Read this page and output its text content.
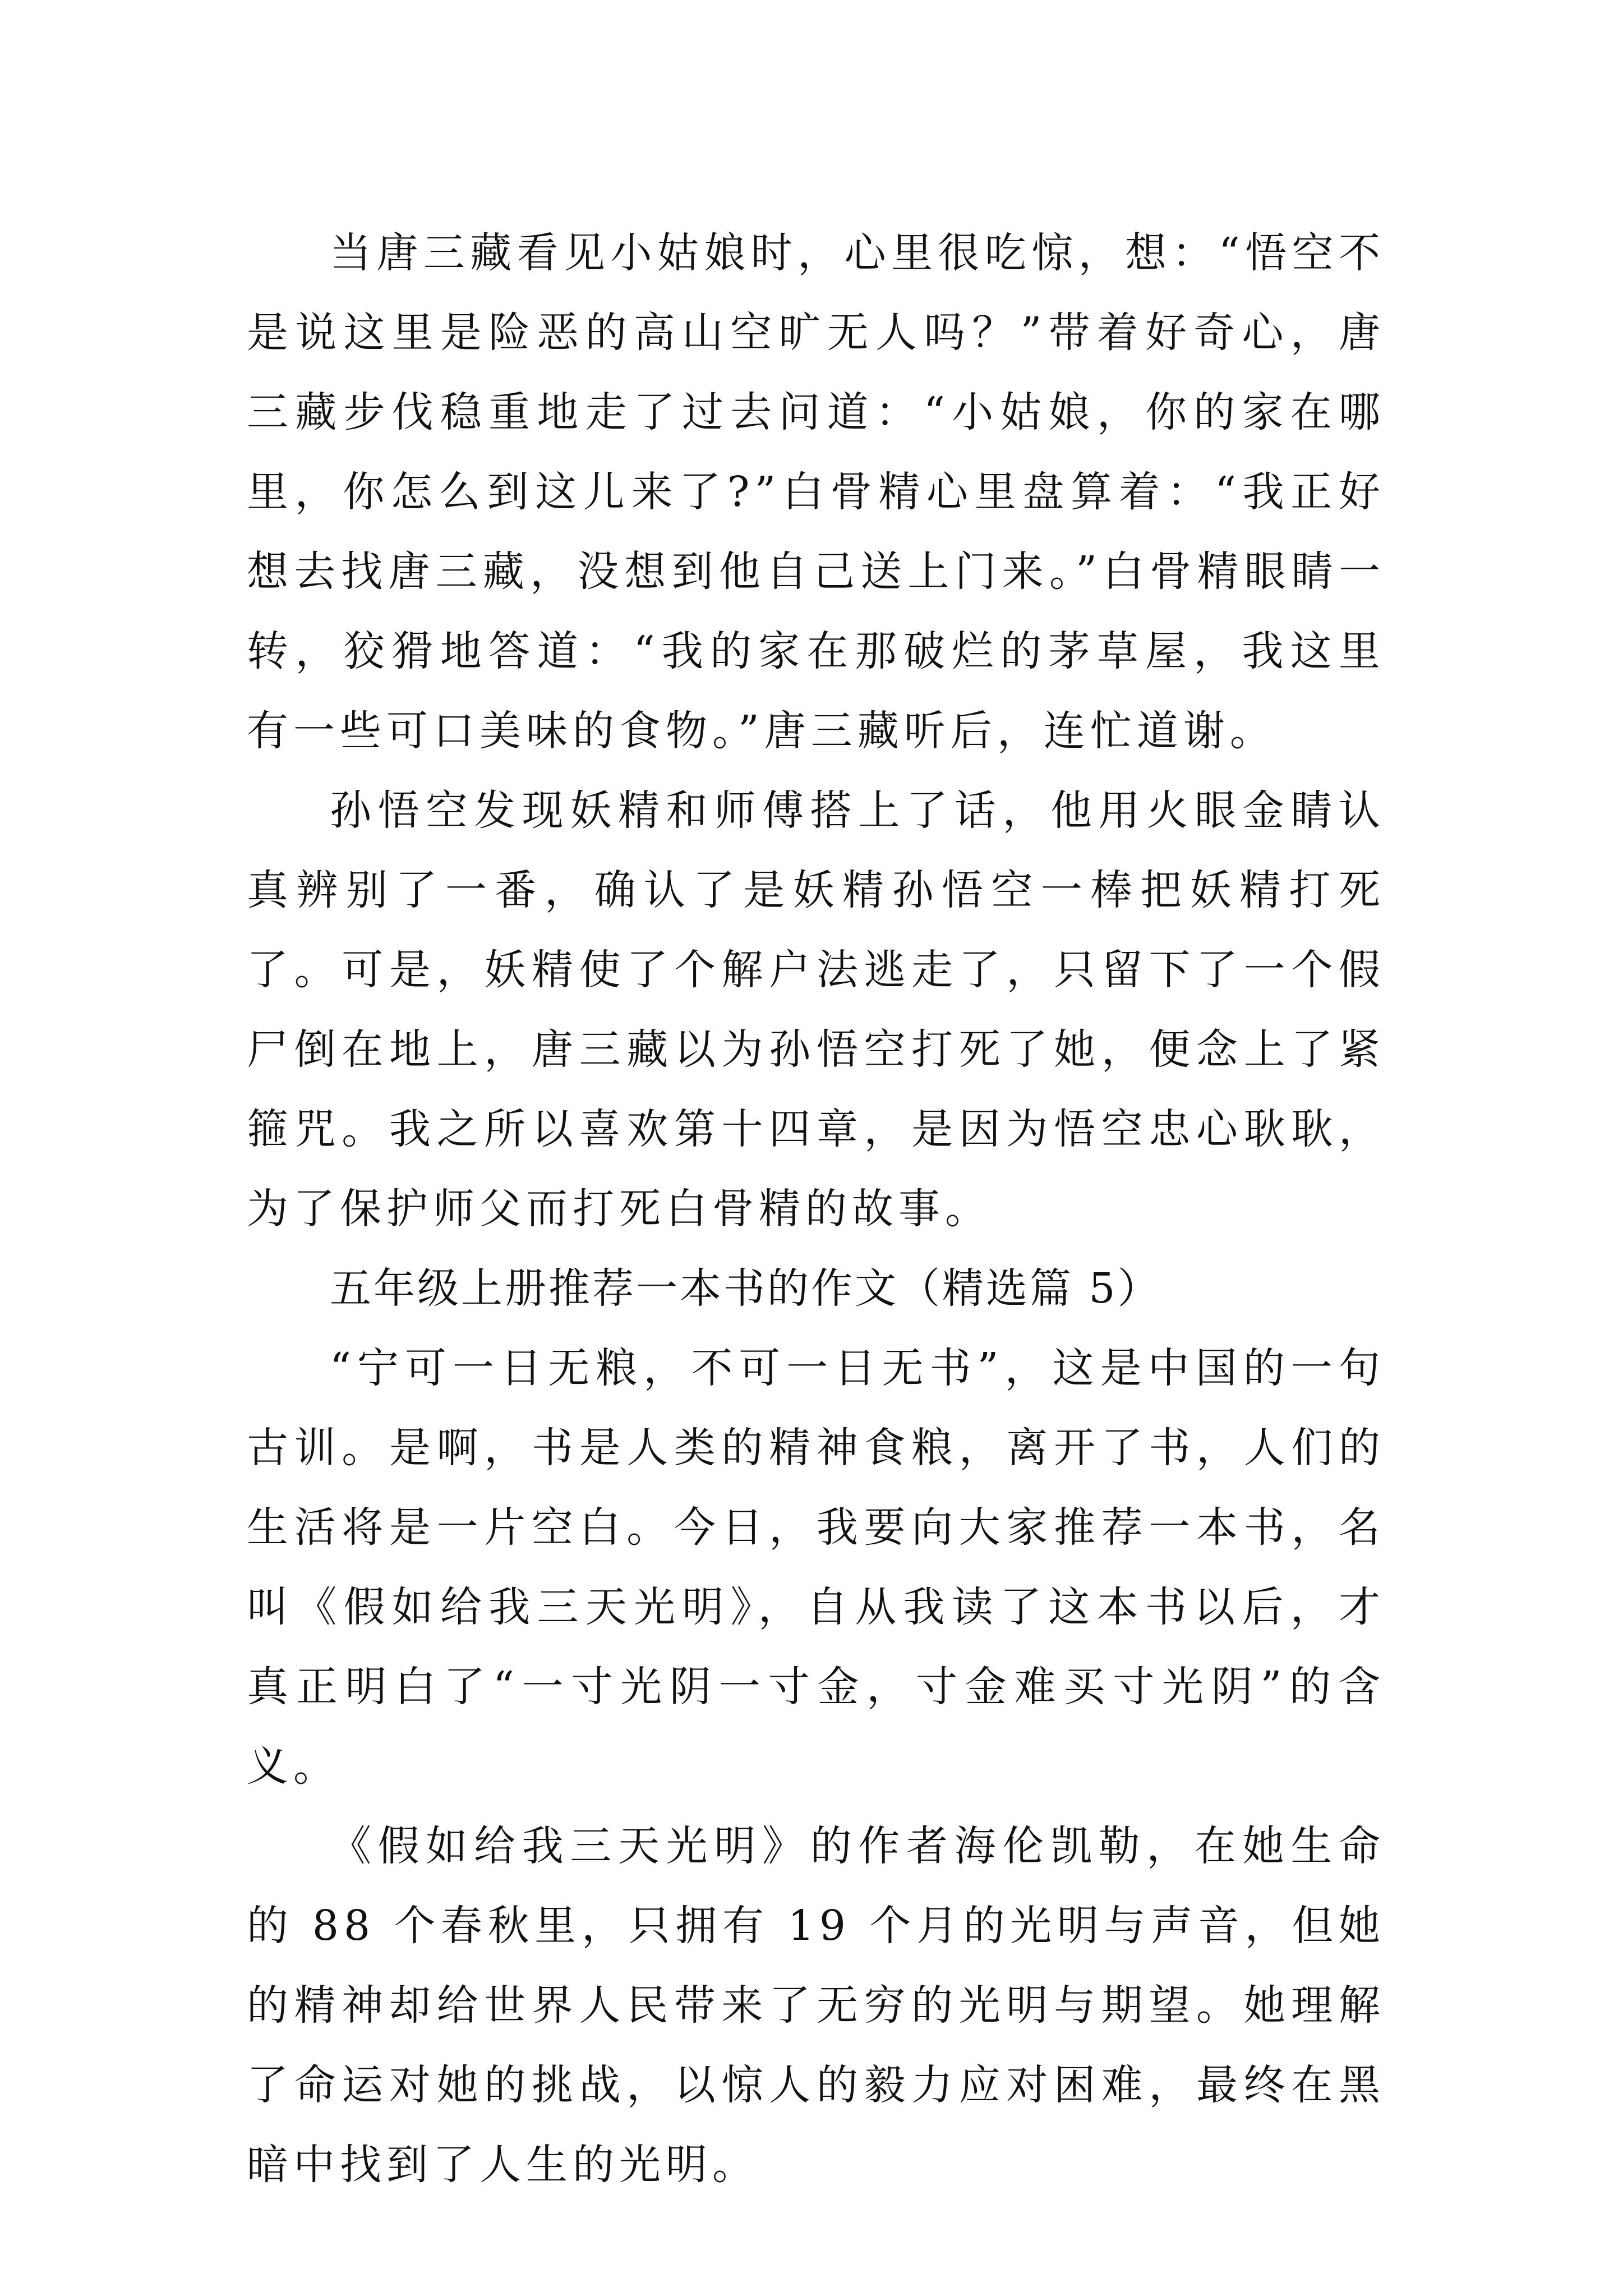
当唐三藏看见小姑娘时，心里很吃惊，想：“悟空不是说这里是险恶的高山空旷无人吗？”带着好奇心，唐三藏步伐稳重地走了过去问道：“小姑娘，你的家在哪里，你怎么到这儿来了?”白骨精心里盘算着：“我正好想去找唐三藏，没想到他自己送上门来。”白骨精眼睛一转，狡猾地答道：“我的家在那破烂的茅草屋，我这里有一些可口美味的食物。”唐三藏听后，连忙道谢。

孙悟空发现妖精和师傅搭上了话，他用火眼金睛认真辨别了一番，确认了是妖精孙悟空一棒把妖精打死了。可是，妖精使了个解户法逃走了，只留下了一个假尸倒在地上，唐三藏以为孙悟空打死了她，便念上了紧箍咒。我之所以喜欢第十四章，是因为悟空忠心耿耿，为了保护师父而打死白骨精的故事。

五年级上册推荐一本书的作文（精选篇 5）

“宁可一日无粮，不可一日无书”，这是中国的一句古训。是啊，书是人类的精神食粮，离开了书，人们的生活将是一片空白。今日，我要向大家推荐一本书，名叫《假如给我三天光明》，自从我读了这本书以后，才真正明白了“一寸光阴一寸金，寸金难买寸光阴”的含义。

《假如给我三天光明》的作者海伦凯勒，在她生命的 88 个春秋里，只拥有 19 个月的光明与声音，但她的精神却给世界人民带来了无穷的光明与期望。她理解了命运对她的挑战，以惊人的毅力应对困难，最终在黑暗中找到了人生的光明。
